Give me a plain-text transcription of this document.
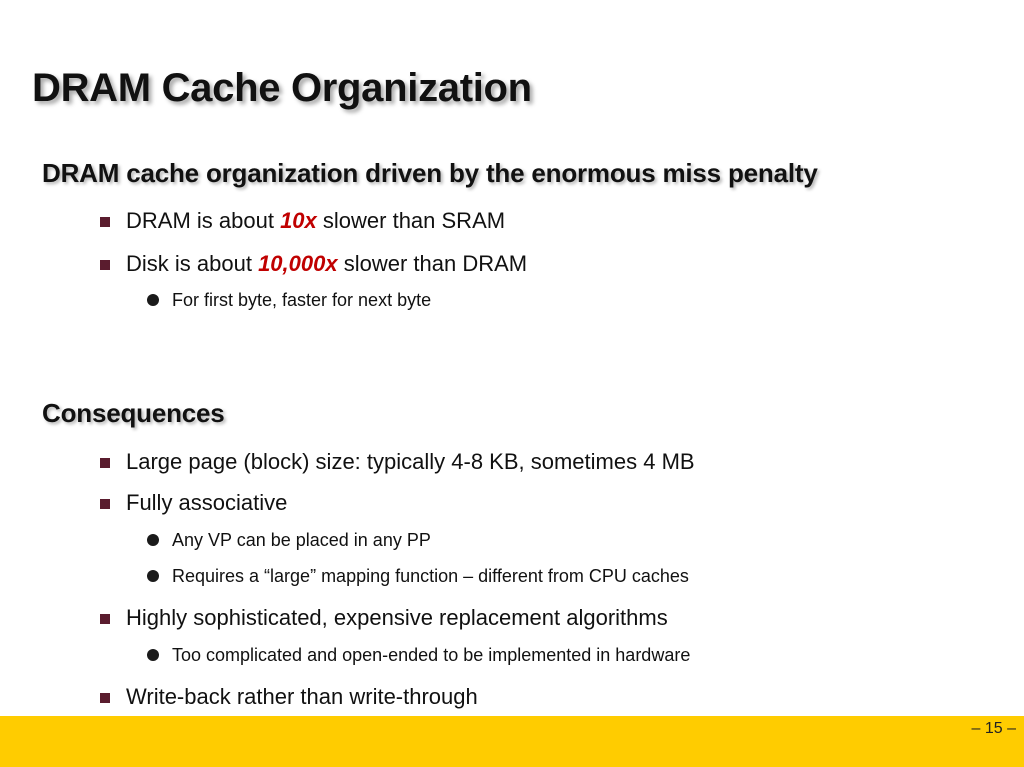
DRAM Cache Organization
DRAM cache organization driven by the enormous miss penalty
DRAM is about 10x slower than SRAM
Disk is about 10,000x slower than DRAM
For first byte, faster for next byte
Consequences
Large page (block) size: typically 4-8 KB, sometimes 4 MB
Fully associative
Any VP can be placed in any PP
Requires a “large” mapping function – different from CPU caches
Highly sophisticated, expensive replacement algorithms
Too complicated and open-ended to be implemented in hardware
Write-back rather than write-through
– 15 –
